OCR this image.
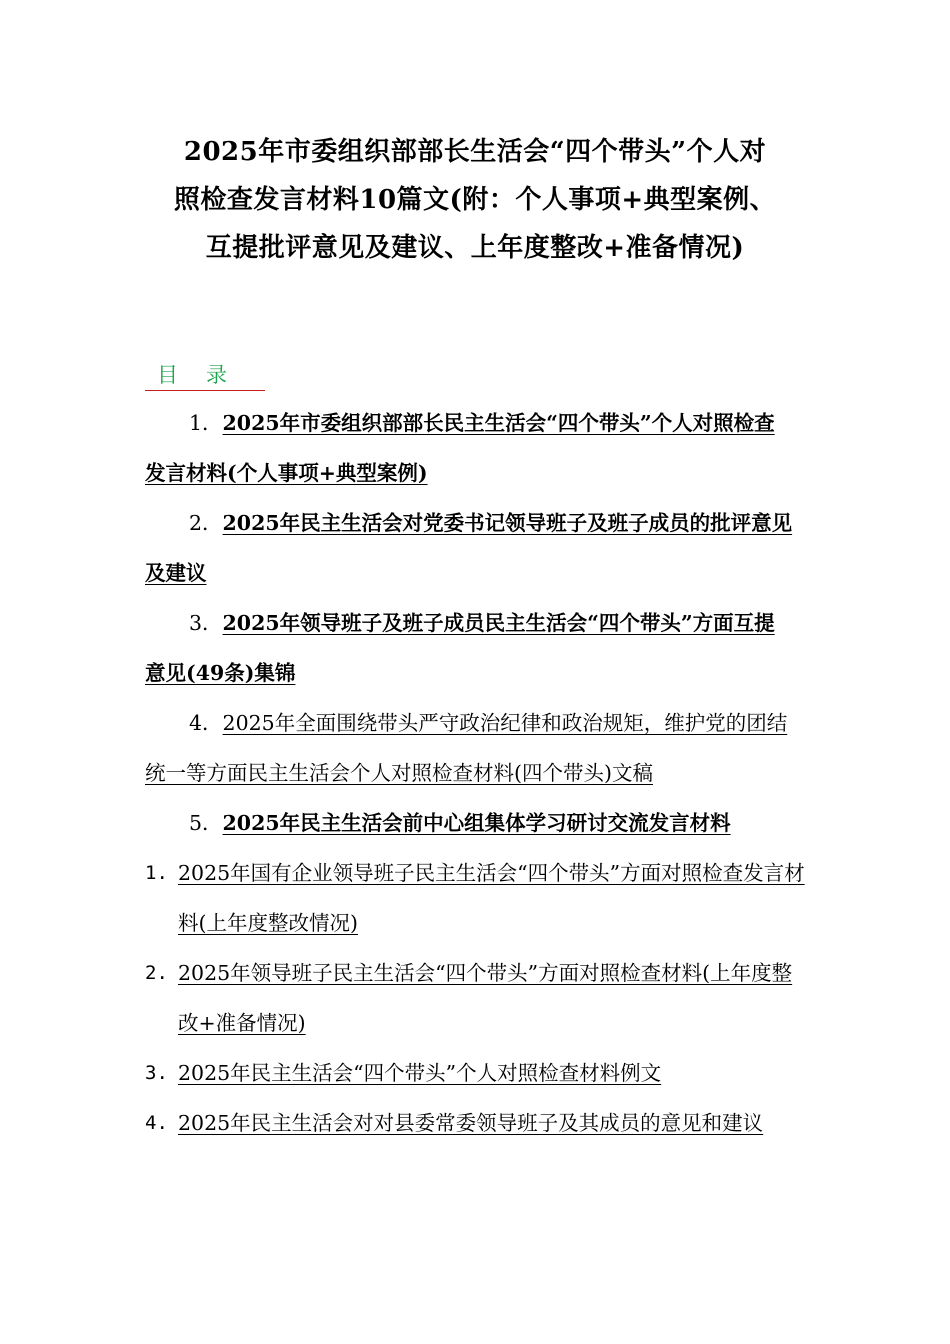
2025年市委组织部部长生活会“四个带头”个人对
照检查发言材料10篇文(附：个人事项+典型案例、
互提批评意见及建议、上年度整改+准备情况)
目录

1．2025年市委组织部部长民主生活会“四个带头”个人对照检查发言材料(个人事项+典型案例)

2．2025年民主生活会对党委书记领导班子及班子成员的批评意见及建议

3．2025年领导班子及班子成员民主生活会“四个带头”方面互提意见(49条)集锦

4．2025年全面围绕带头严守政治纪律和政治规矩，维护党的团结统一等方面民主生活会个人对照检查材料(四个带头)文稿

5．2025年民主生活会前中心组集体学习研讨交流发言材料

1. 2025年国有企业领导班子民主生活会“四个带头”方面对照检查发言材料(上年度整改情况)
2. 2025年领导班子民主生活会“四个带头”方面对照检查材料(上年度整改+准备情况)
3. 2025年民主生活会“四个带头”个人对照检查材料例文
4. 2025年民主生活会对对县委常委领导班子及其成员的意见和建议
